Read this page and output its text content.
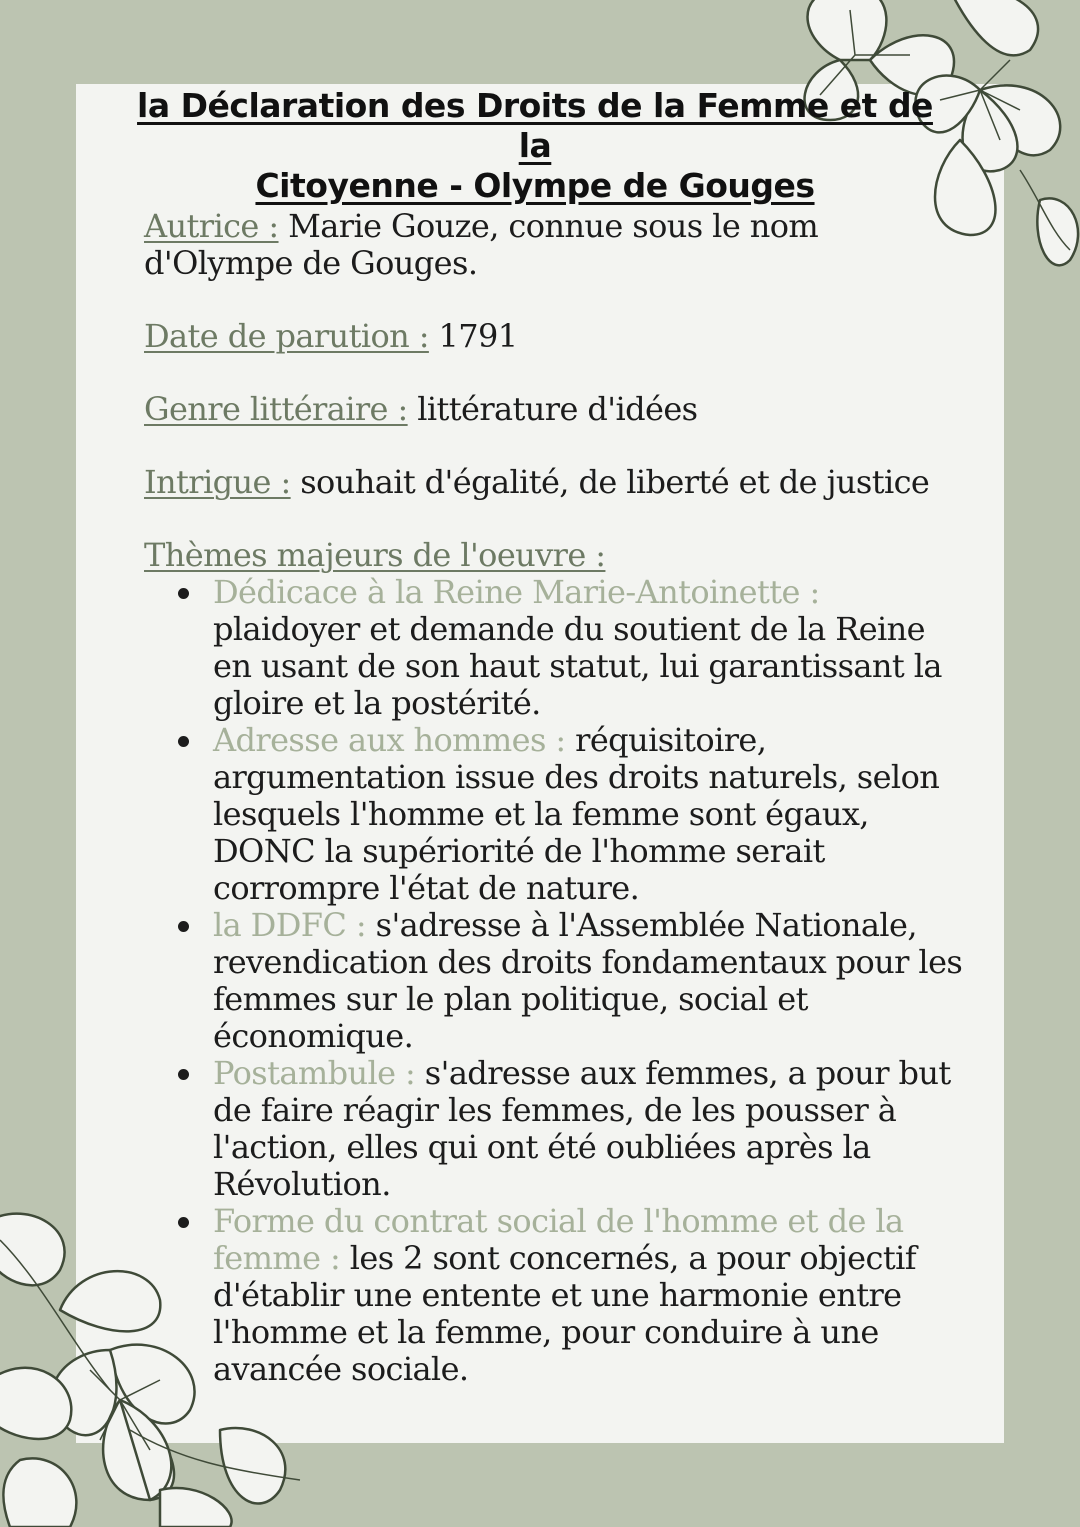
la Déclaration des Droits de la Femme et de la
Citoyenne - Olympe de Gouges

Autrice : Marie Gouze, connue sous le nom d'Olympe de Gouges.

Date de parution : 1791

Genre littéraire : littérature d'idées

Intrigue : souhait d'égalité, de liberté et de justice

Thèmes majeurs de l'oeuvre :
Dédicace à la Reine Marie-Antoinette : plaidoyer et demande du soutient de la Reine en usant de son haut statut, lui garantissant la gloire et la postérité.
Adresse aux hommes : réquisitoire, argumentation issue des droits naturels, selon lesquels l'homme et la femme sont égaux, DONC la supériorité de l'homme serait corrompre l'état de nature.
la DDFC : s'adresse à l'Assemblée Nationale, revendication des droits fondamentaux pour les femmes sur le plan politique, social et économique.
Postambule : s'adresse aux femmes, a pour but de faire réagir les femmes, de les pousser à l'action, elles qui ont été oubliées après la Révolution.
Forme du contrat social de l'homme et de la femme : les 2 sont concernés, a pour objectif d'établir une entente et une harmonie entre l'homme et la femme, pour conduire à une avancée sociale.
